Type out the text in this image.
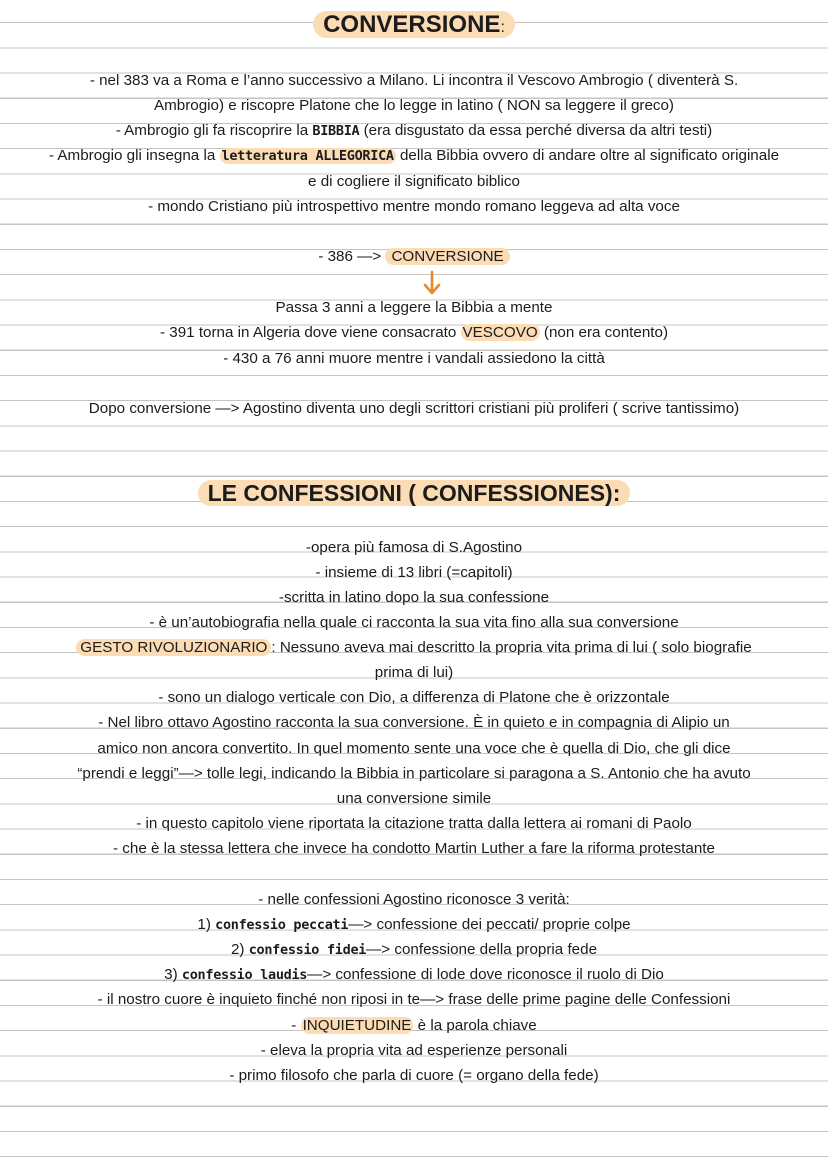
CONVERSIONE:
- nel 383 va a Roma e l’anno successivo a Milano. Li incontra il Vescovo Ambrogio ( diventerà S.
Ambrogio) e riscopre Platone che lo legge in latino ( NON sa leggere il greco)
- Ambrogio gli fa riscoprire la BIBBIA (era disgustato da essa perché diversa da altri testi)
- Ambrogio gli insegna la letteratura ALLEGORICA della Bibbia ovvero di andare oltre al significato originale
e di cogliere il significato biblico
- mondo Cristiano più introspettivo mentre mondo romano leggeva ad alta voce
- 386 —> CONVERSIONE
Passa 3 anni a leggere la Bibbia a mente
- 391 torna in Algeria dove viene consacrato VESCOVO (non era contento)
- 430 a 76 anni muore mentre i vandali assiedono la città
Dopo conversione —> Agostino diventa uno degli scrittori cristiani più proliferi ( scrive tantissimo)
LE CONFESSIONI ( CONFESSIONES):
-opera più famosa di S.Agostino
- insieme di 13 libri (=capitoli)
-scritta in latino dopo la sua confessione
- è un’autobiografia nella quale ci racconta la sua vita fino alla sua conversione
GESTO RIVOLUZIONARIO : Nessuno aveva mai descritto la propria vita prima di lui ( solo biografie
prima di lui)
- sono un dialogo verticale con Dio, a differenza di Platone che è orizzontale
- Nel libro ottavo Agostino racconta la sua conversione. È in quieto e in compagnia di Alipio un
amico non ancora convertito. In quel momento sente una voce che è quella di Dio, che gli dice
“prendi e leggi”—> tolle legi, indicando la Bibbia in particolare si paragona a S. Antonio che ha avuto
una conversione simile
- in questo capitolo viene riportata la citazione tratta dalla lettera ai romani di Paolo
- che è la stessa lettera che invece ha condotto Martin Luther a fare la riforma protestante
- nelle confessioni Agostino riconosce 3 verità:
1) confessio peccati—> confessione dei peccati/ proprie colpe
2) confessio fidei—> confessione della propria fede
3) confessio laudis—> confessione di lode dove riconosce il ruolo di Dio
- il nostro cuore è inquieto finché non riposi in te—> frase delle prime pagine delle Confessioni
- INQUIETUDINE è la parola chiave
- eleva la propria vita ad esperienze personali
- primo filosofo che parla di cuore (= organo della fede)
